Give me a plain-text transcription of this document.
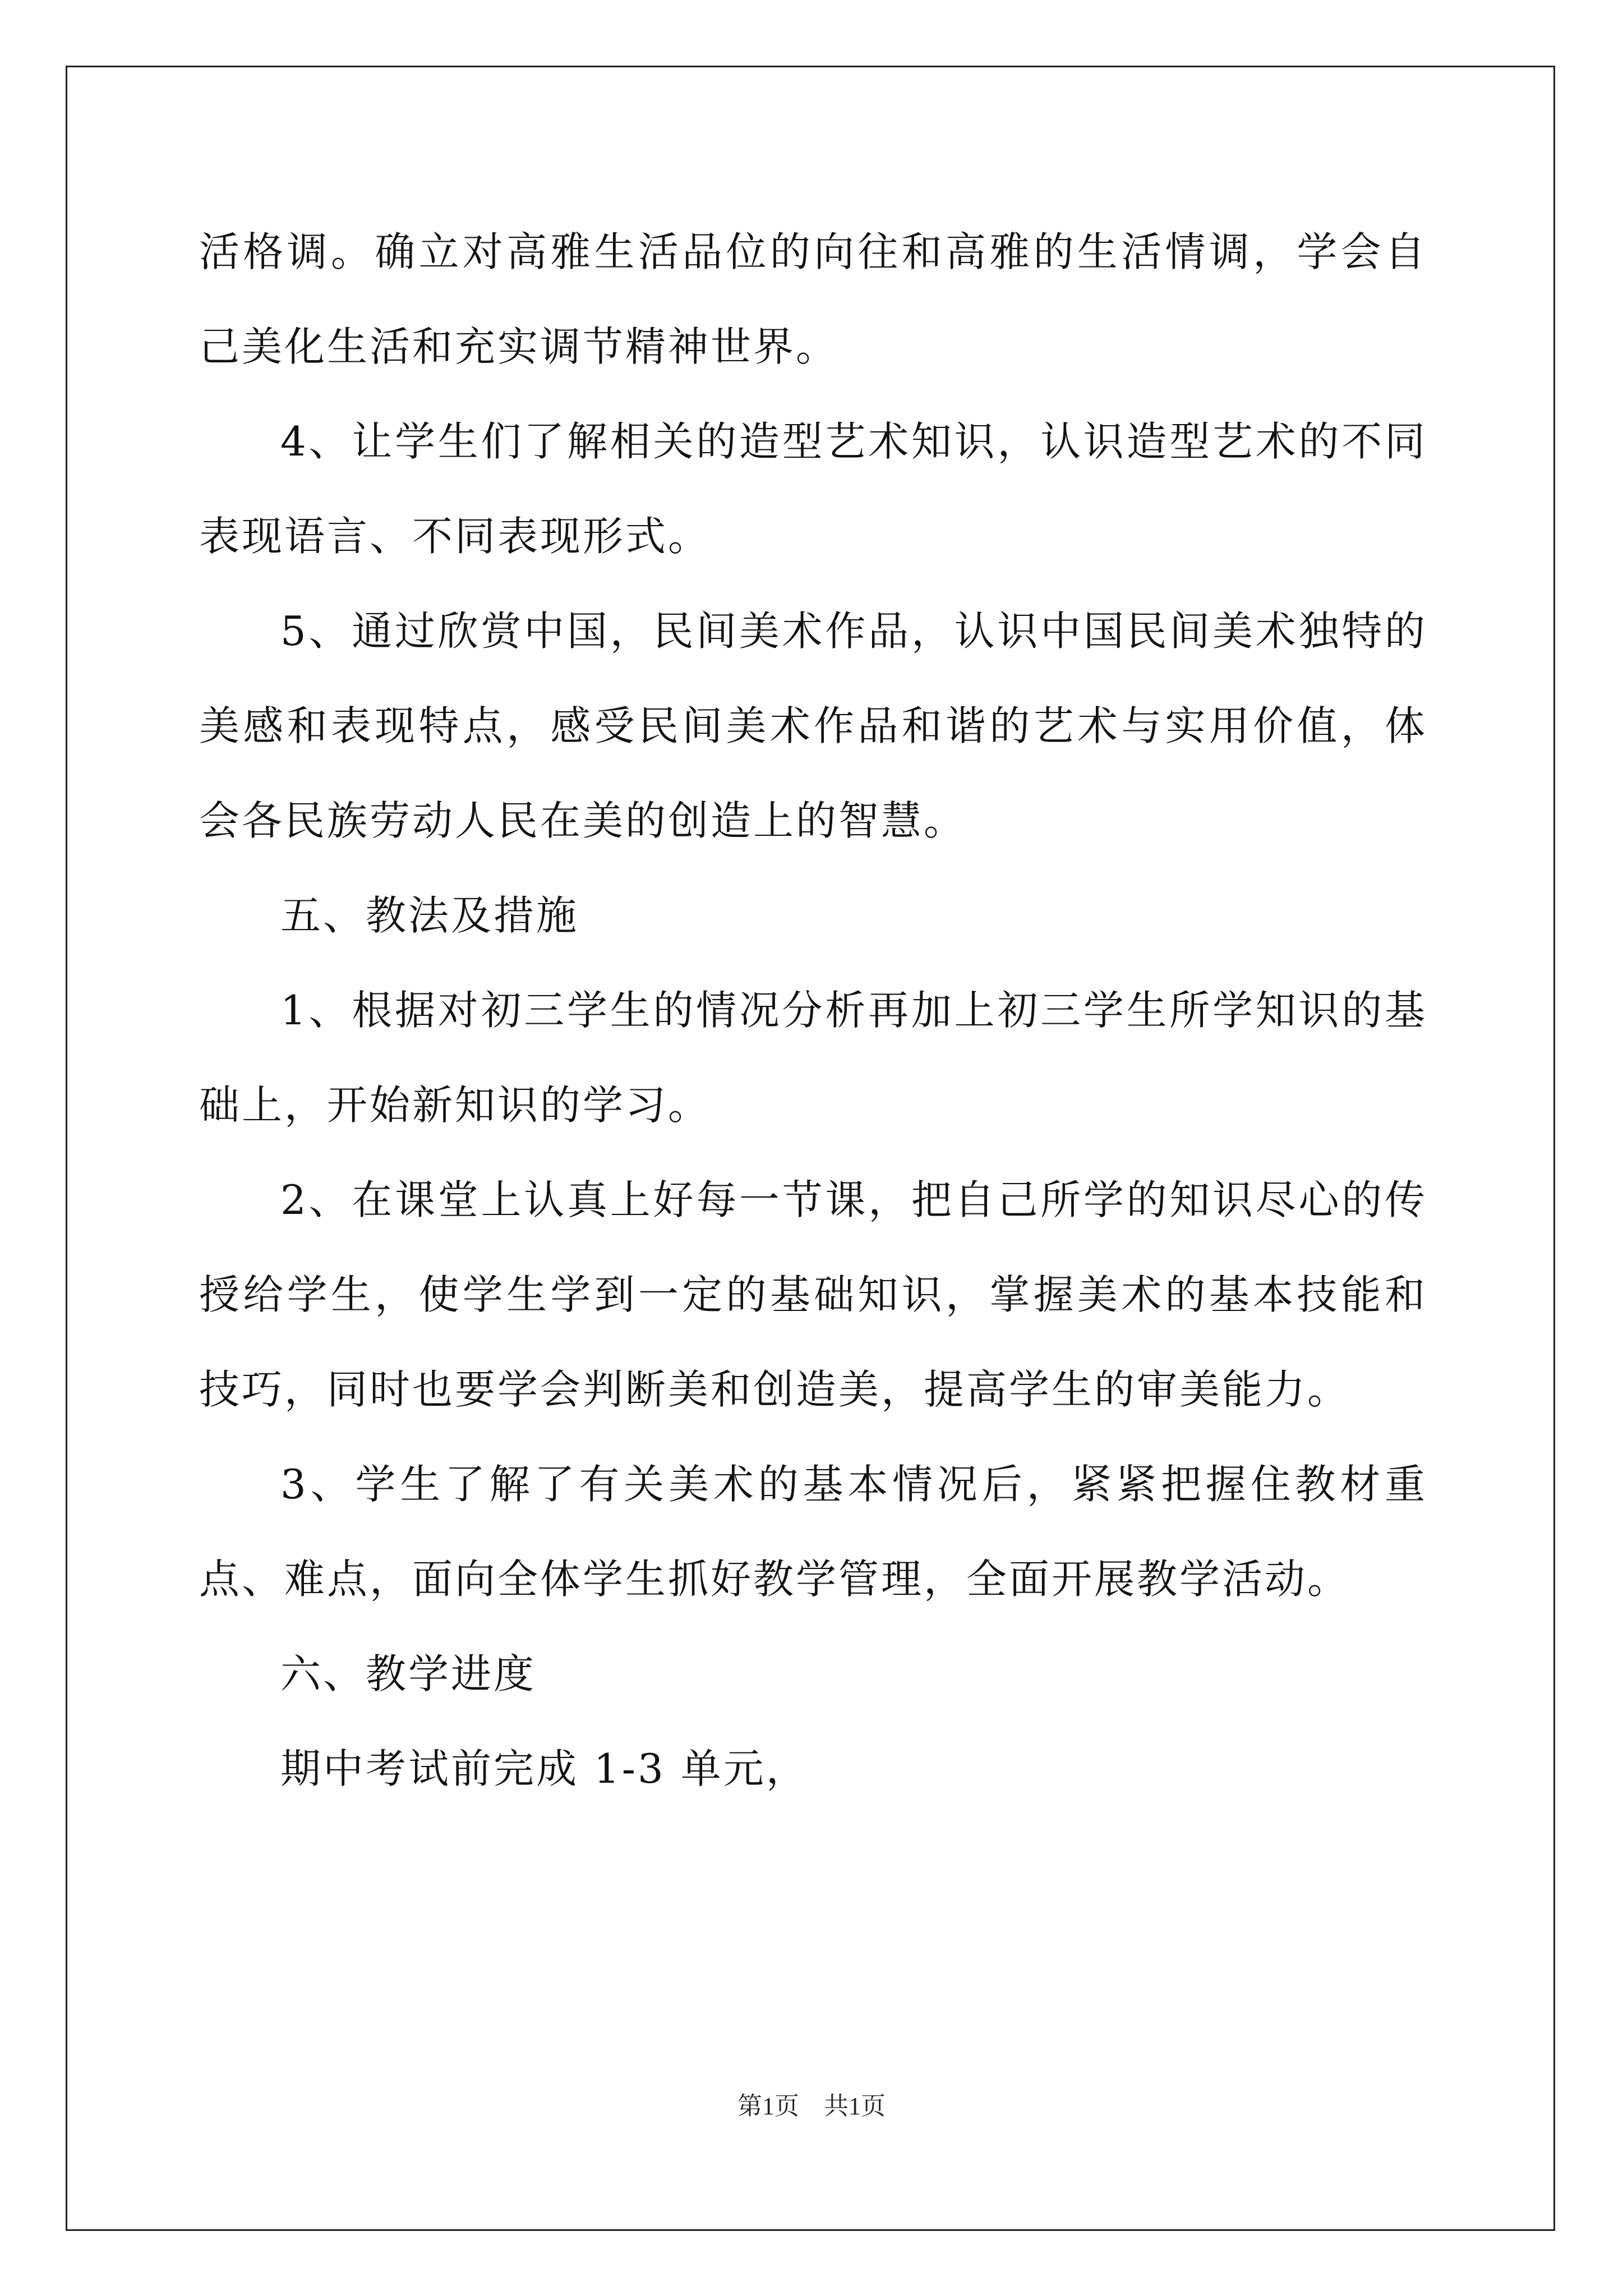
活格调。确立对高雅生活品位的向往和高雅的生活情调，学会自己美化生活和充实调节精神世界。

4、让学生们了解相关的造型艺术知识，认识造型艺术的不同表现语言、不同表现形式。

5、通过欣赏中国，民间美术作品，认识中国民间美术独特的美感和表现特点，感受民间美术作品和谐的艺术与实用价值，体会各民族劳动人民在美的创造上的智慧。

五、教法及措施

1、根据对初三学生的情况分析再加上初三学生所学知识的基础上，开始新知识的学习。

2、在课堂上认真上好每一节课，把自己所学的知识尽心的传授给学生，使学生学到一定的基础知识，掌握美术的基本技能和技巧，同时也要学会判断美和创造美，提高学生的审美能力。

3、学生了解了有关美术的基本情况后，紧紧把握住教材重点、难点，面向全体学生抓好教学管理，全面开展教学活动。

六、教学进度

期中考试前完成 1-3 单元，

第1页　共1页
